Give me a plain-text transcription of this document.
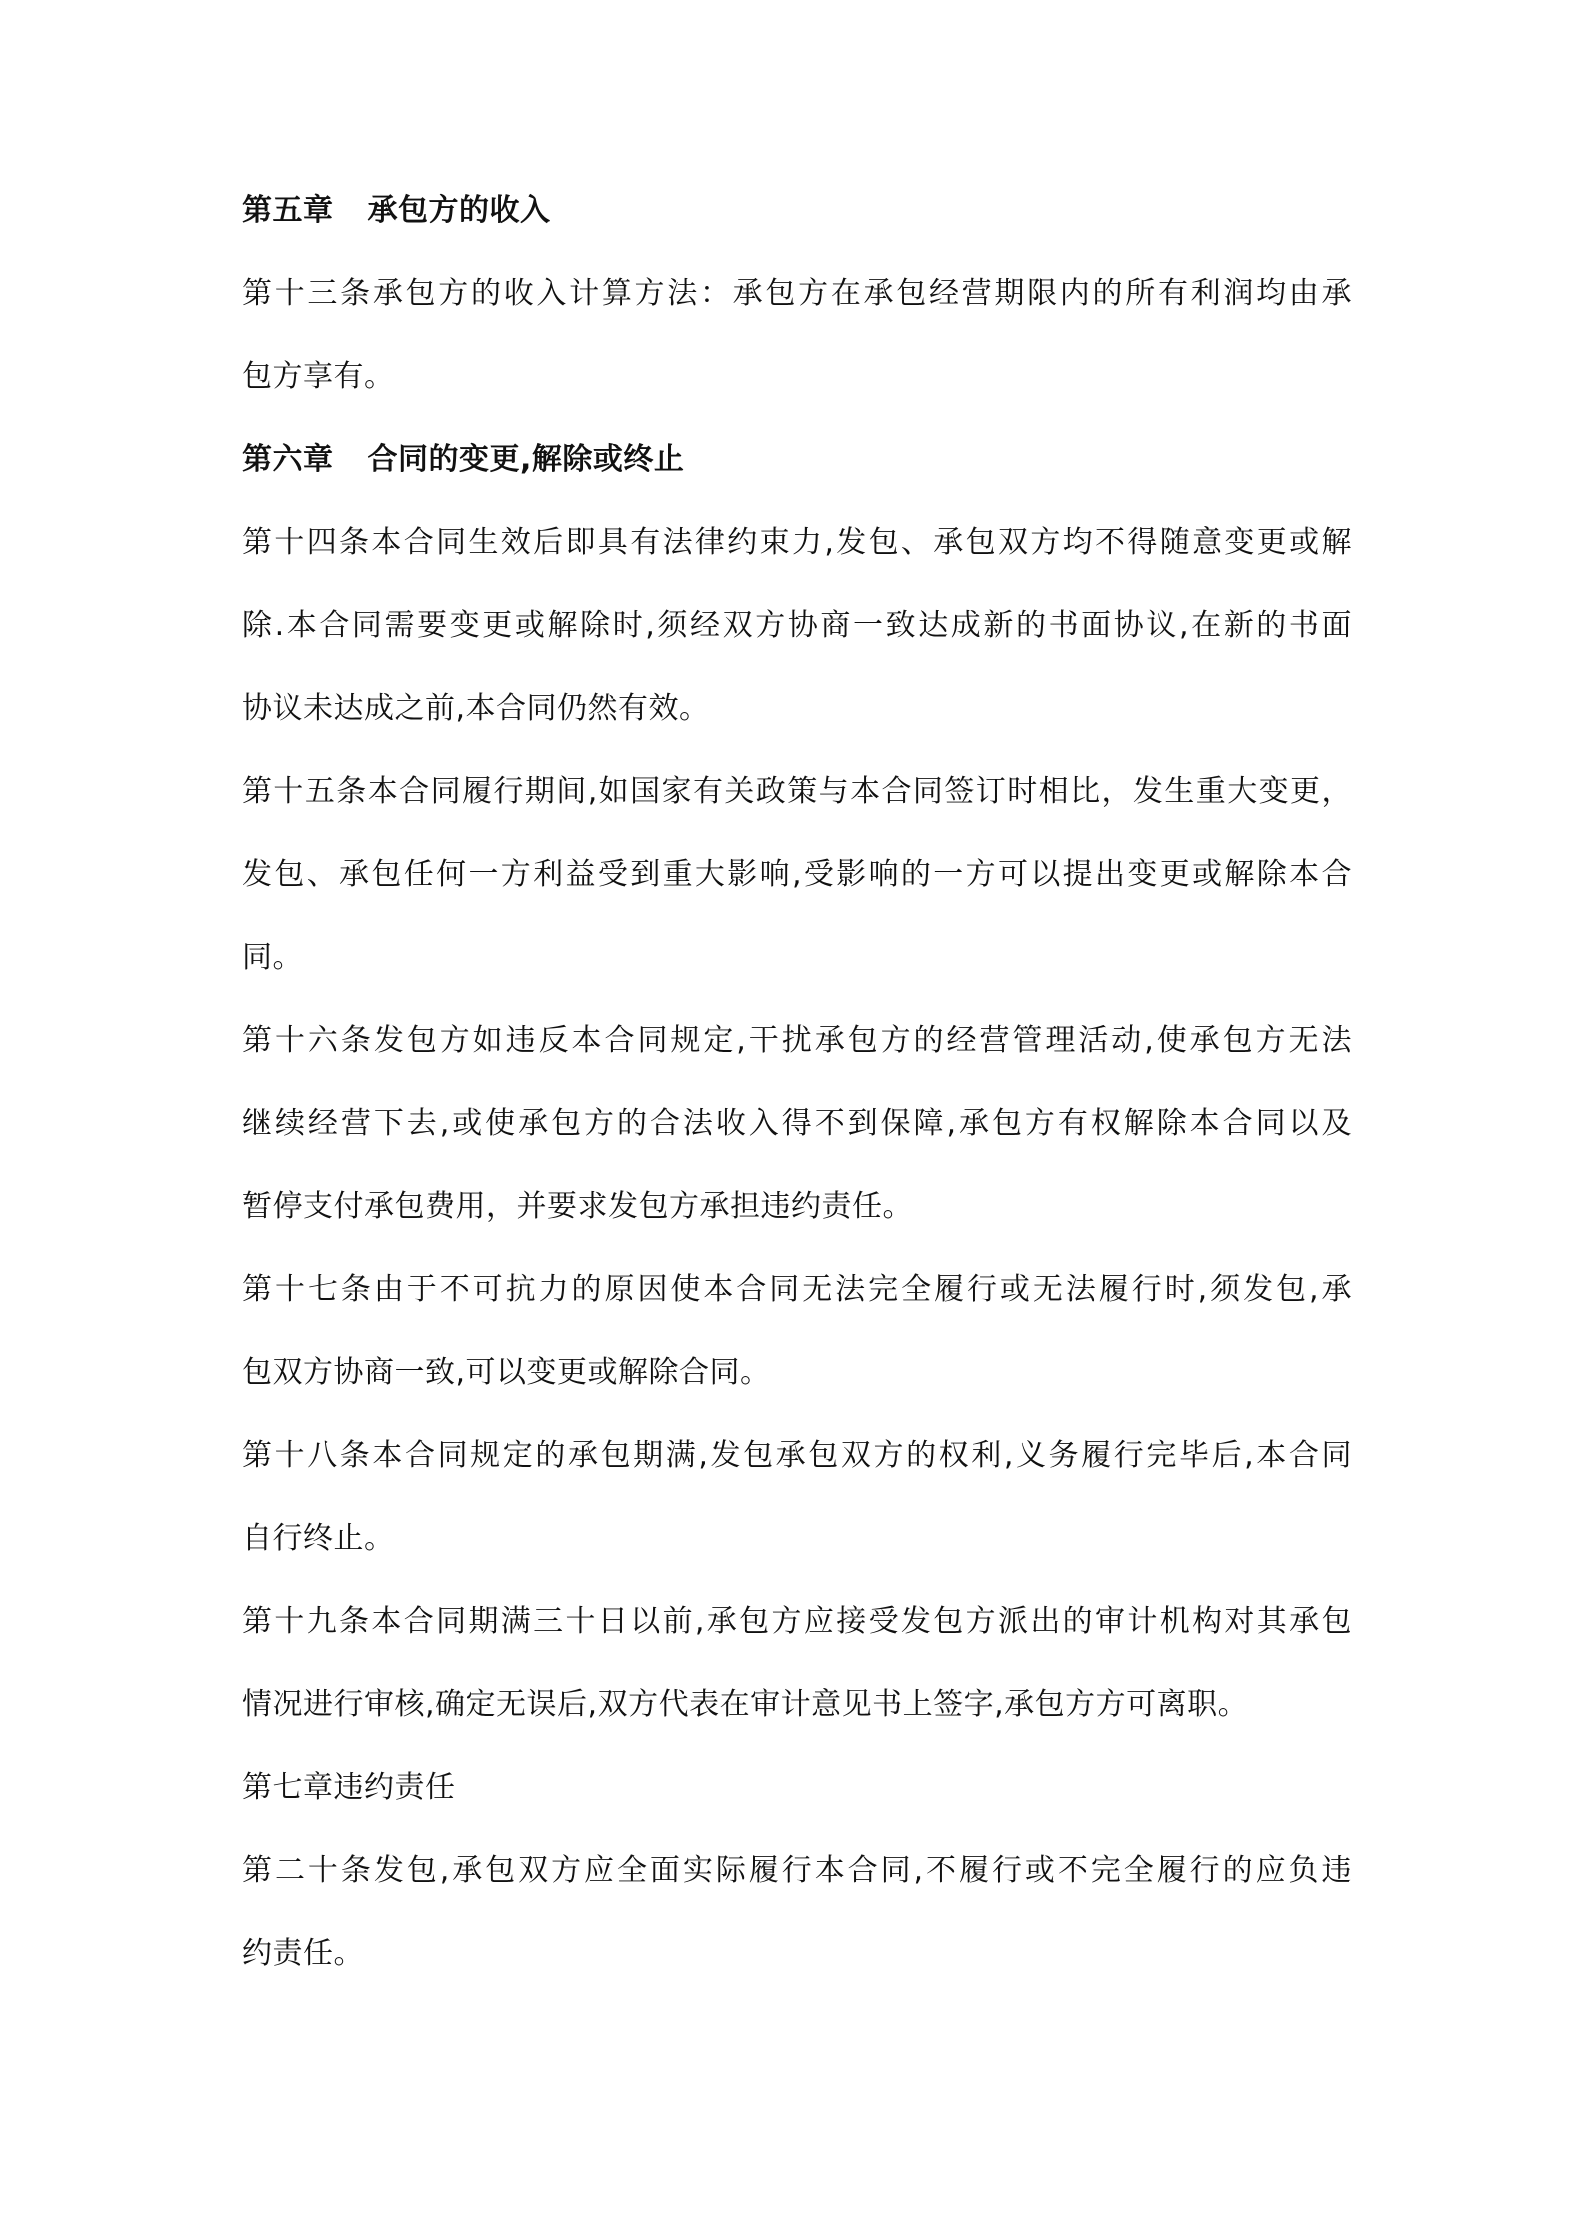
第五章 承包方的收入
第十三条承包方的收入计算方法：承包方在承包经营期限内的所有利润均由承
包方享有。
第六章 合同的变更,解除或终止
第十四条本合同生效后即具有法律约束力,发包、承包双方均不得随意变更或解
除.本合同需要变更或解除时,须经双方协商一致达成新的书面协议,在新的书面
协议未达成之前,本合同仍然有效。
第十五条本合同履行期间,如国家有关政策与本合同签订时相比，发生重大变更，
发包、承包任何一方利益受到重大影响,受影响的一方可以提出变更或解除本合
同。
第十六条发包方如违反本合同规定,干扰承包方的经营管理活动,使承包方无法
继续经营下去,或使承包方的合法收入得不到保障,承包方有权解除本合同以及
暂停支付承包费用，并要求发包方承担违约责任。
第十七条由于不可抗力的原因使本合同无法完全履行或无法履行时,须发包,承
包双方协商一致,可以变更或解除合同。
第十八条本合同规定的承包期满,发包承包双方的权利,义务履行完毕后,本合同
自行终止。
第十九条本合同期满三十日以前,承包方应接受发包方派出的审计机构对其承包
情况进行审核,确定无误后,双方代表在审计意见书上签字,承包方方可离职。
第七章违约责任
第二十条发包,承包双方应全面实际履行本合同,不履行或不完全履行的应负违
约责任。
